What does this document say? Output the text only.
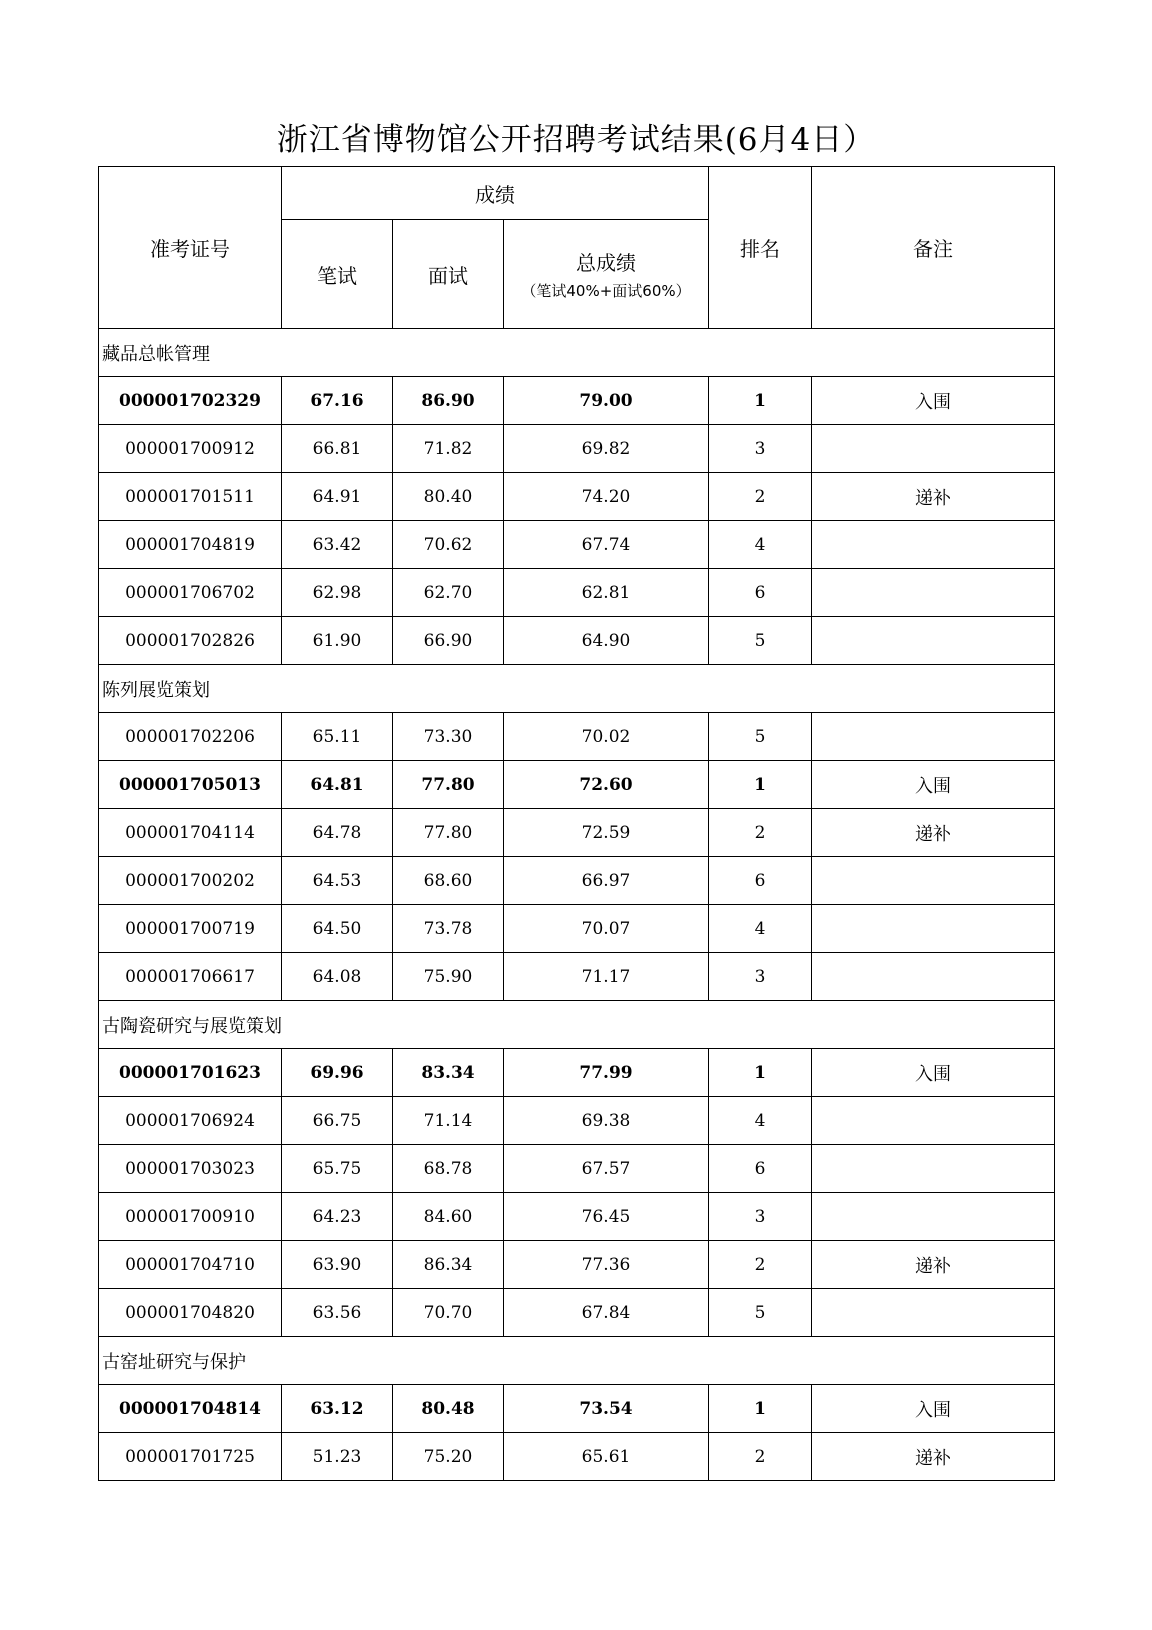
浙江省博物馆公开招聘考试结果(6月4日）
准考证号	成绩			排名	备注
	笔试	面试	总成绩
（笔试40%+面试60%）		

藏品总帐管理					
000001702329	67.16	86.90	79.00	1	入围
000001700912	66.81	71.82	69.82	3	
000001701511	64.91	80.40	74.20	2	递补
000001704819	63.42	70.62	67.74	4	
000001706702	62.98	62.70	62.81	6	
000001702826	61.90	66.90	64.90	5	
陈列展览策划					
000001702206	65.11	73.30	70.02	5	
000001705013	64.81	77.80	72.60	1	入围
000001704114	64.78	77.80	72.59	2	递补
000001700202	64.53	68.60	66.97	6	
000001700719	64.50	73.78	70.07	4	
000001706617	64.08	75.90	71.17	3	
古陶瓷研究与展览策划					
000001701623	69.96	83.34	77.99	1	入围
000001706924	66.75	71.14	69.38	4	
000001703023	65.75	68.78	67.57	6	
000001700910	64.23	84.60	76.45	3	
000001704710	63.90	86.34	77.36	2	递补
000001704820	63.56	70.70	67.84	5	
古窑址研究与保护					
000001704814	63.12	80.48	73.54	1	入围
000001701725	51.23	75.20	65.61	2	递补
